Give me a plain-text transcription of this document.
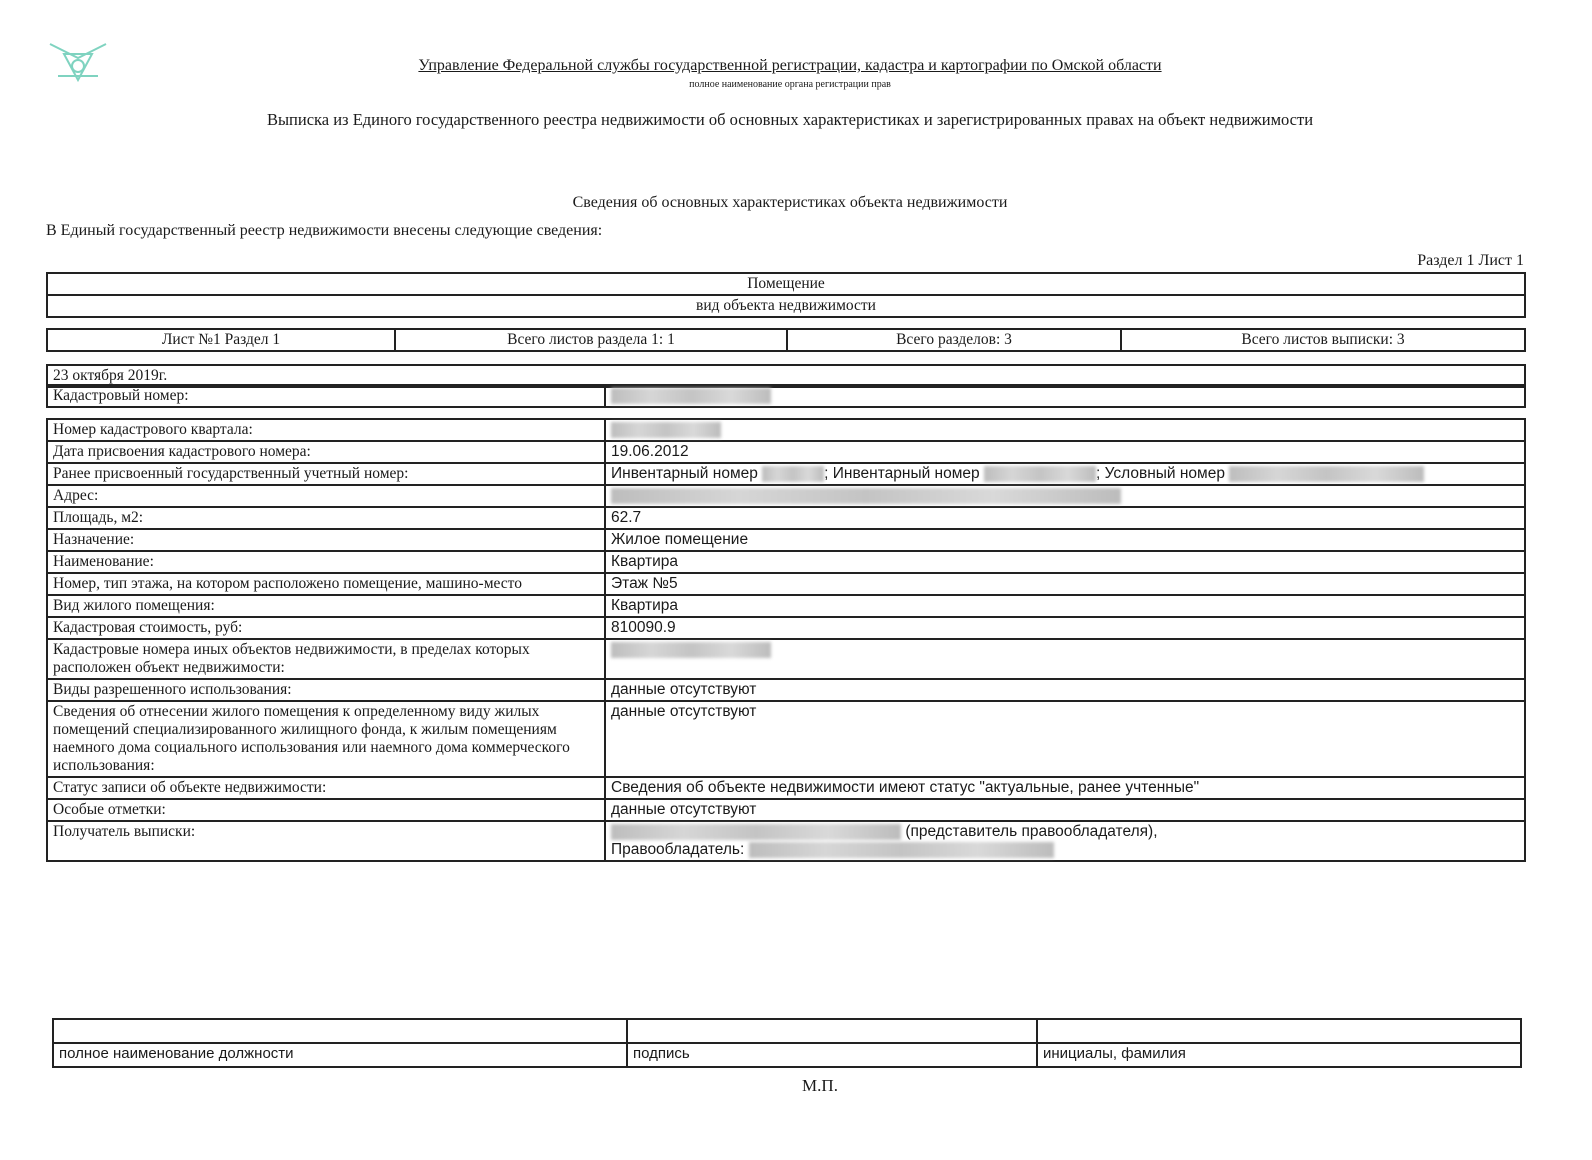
Управление Федеральной службы государственной регистрации, кадастра и картографии по Омской области
полное наименование органа регистрации прав
Выписка из Единого государственного реестра недвижимости об основных характеристиках и зарегистрированных правах на объект недвижимости
Сведения об основных характеристиках объекта недвижимости
В Единый государственный реестр недвижимости внесены следующие сведения:
Раздел 1 Лист 1
Помещение
вид объекта недвижимости
Лист №1 Раздел 1	Всего листов раздела 1: 1	Всего разделов: 3	Всего листов выписки: 3
23 октября 2019г.
Кадастровый номер:	
Номер кадастрового квартала:	
Дата присвоения кадастрового номера:	19.06.2012
Ранее присвоенный государственный учетный номер:	Инвентарный номер ; Инвентарный номер ; Условный номер
Адрес:	
Площадь, м2:	62.7
Назначение:	Жилое помещение
Наименование:	Квартира
Номер, тип этажа, на котором расположено помещение, машино-место	Этаж №5
Вид жилого помещения:	Квартира
Кадастровая стоимость, руб:	810090.9
Кадастровые номера иных объектов недвижимости, в пределах которых расположен объект недвижимости:	
Виды разрешенного использования:	данные отсутствуют
Сведения об отнесении жилого помещения к определенному виду жилых помещений специализированного жилищного фонда, к жилым помещениям наемного дома социального использования или наемного дома коммерческого использования:	данные отсутствуют
Статус записи об объекте недвижимости:	Сведения об объекте недвижимости имеют статус "актуальные, ранее учтенные"
Особые отметки:	данные отсутствуют
Получатель выписки:	(представитель правообладателя),
Правообладатель:

полное наименование должности	подпись	инициалы, фамилия
М.П.
